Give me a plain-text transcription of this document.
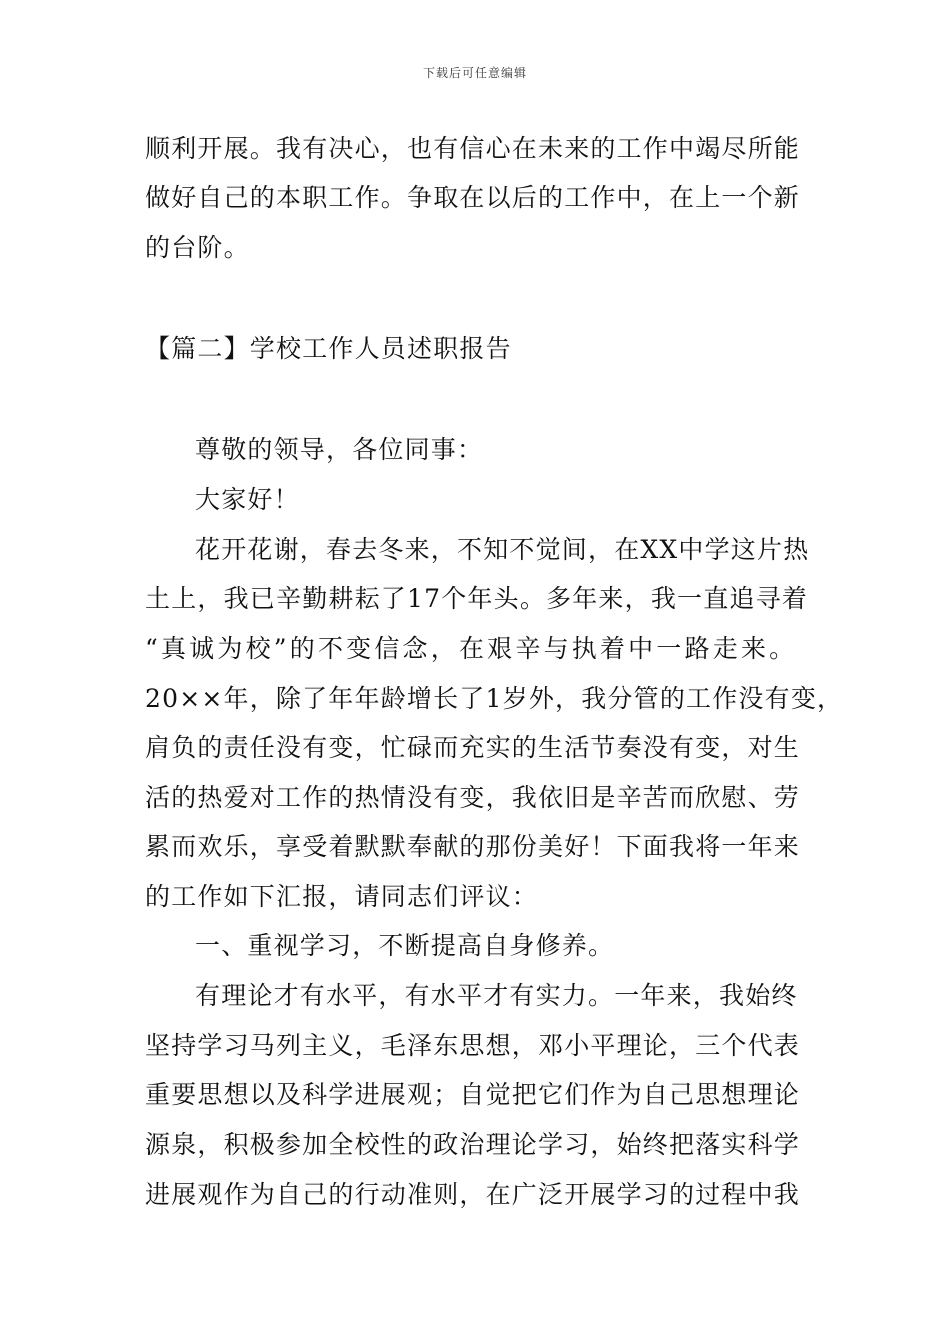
下载后可任意编辑
顺利开展。我有决心，也有信心在未来的工作中竭尽所能
做好自己的本职工作。争取在以后的工作中，在上一个新
的台阶。
【篇二】学校工作人员述职报告
尊敬的领导，各位同事：
大家好！
花开花谢，春去冬来，不知不觉间，在XX中学这片热
土上，我已辛勤耕耘了17个年头。多年来，我一直追寻着
“真诚为校”的不变信念，在艰辛与执着中一路走来。
20××年，除了年年龄增长了1岁外，我分管的工作没有变，
肩负的责任没有变，忙碌而充实的生活节奏没有变，对生
活的热爱对工作的热情没有变，我依旧是辛苦而欣慰、劳
累而欢乐，享受着默默奉献的那份美好！下面我将一年来
的工作如下汇报，请同志们评议：
一、重视学习，不断提高自身修养。
有理论才有水平，有水平才有实力。一年来，我始终
坚持学习马列主义，毛泽东思想，邓小平理论，三个代表
重要思想以及科学进展观；自觉把它们作为自己思想理论
源泉，积极参加全校性的政治理论学习，始终把落实科学
进展观作为自己的行动准则，在广泛开展学习的过程中我
